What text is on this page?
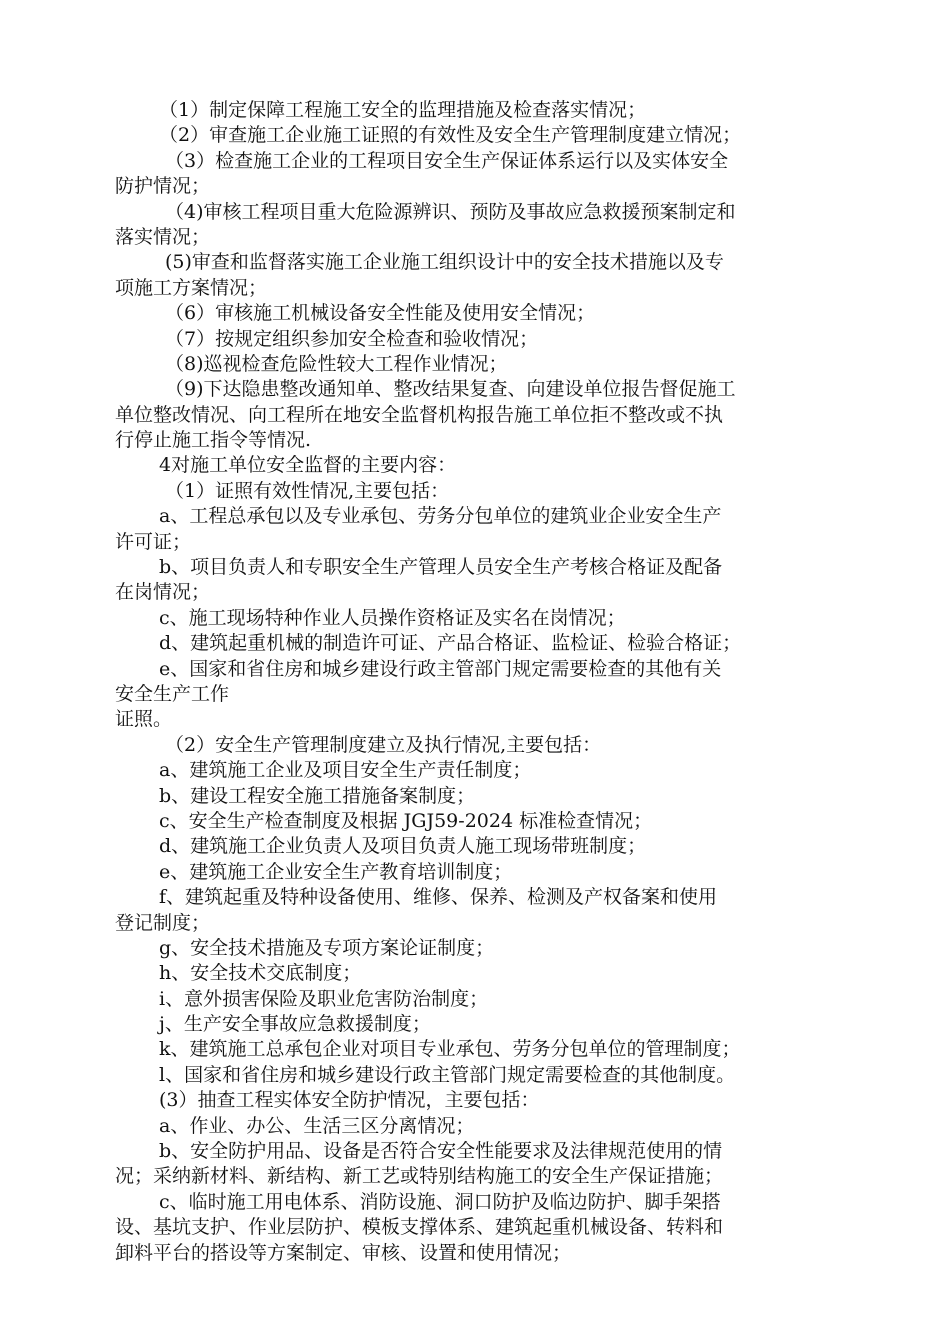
（1）制定保障工程施工安全的监理措施及检查落实情况；
（2）审查施工企业施工证照的有效性及安全生产管理制度建立情况；
（3）检查施工企业的工程项目安全生产保证体系运行以及实体安全
防护情况；
（4)审核工程项目重大危险源辨识、预防及事故应急救援预案制定和
落实情况；
(5)审查和监督落实施工企业施工组织设计中的安全技术措施以及专
项施工方案情况；
（6）审核施工机械设备安全性能及使用安全情况；
（7）按规定组织参加安全检查和验收情况；
（8)巡视检查危险性较大工程作业情况；
（9)下达隐患整改通知单、整改结果复查、向建设单位报告督促施工
单位整改情况、向工程所在地安全监督机构报告施工单位拒不整改或不执
行停止施工指令等情况.
4对施工单位安全监督的主要内容：
（1）证照有效性情况,主要包括：
a、工程总承包以及专业承包、劳务分包单位的建筑业企业安全生产
许可证；
b、项目负责人和专职安全生产管理人员安全生产考核合格证及配备
在岗情况；
c、施工现场特种作业人员操作资格证及实名在岗情况；
d、建筑起重机械的制造许可证、产品合格证、监检证、检验合格证；
e、国家和省住房和城乡建设行政主管部门规定需要检查的其他有关
安全生产工作
证照。
（2）安全生产管理制度建立及执行情况,主要包括：
a、建筑施工企业及项目安全生产责任制度；
b、建设工程安全施工措施备案制度；
c、安全生产检查制度及根据 JGJ59-2024 标准检查情况；
d、建筑施工企业负责人及项目负责人施工现场带班制度；
e、建筑施工企业安全生产教育培训制度；
f、建筑起重及特种设备使用、维修、保养、检测及产权备案和使用
登记制度；
g、安全技术措施及专项方案论证制度；
h、安全技术交底制度；
i、意外损害保险及职业危害防治制度；
j、生产安全事故应急救援制度；
k、建筑施工总承包企业对项目专业承包、劳务分包单位的管理制度；
l、国家和省住房和城乡建设行政主管部门规定需要检查的其他制度。
(3）抽查工程实体安全防护情况，主要包括：
a、作业、办公、生活三区分离情况；
b、安全防护用品、设备是否符合安全性能要求及法律规范使用的情
况；采纳新材料、新结构、新工艺或特别结构施工的安全生产保证措施；
c、临时施工用电体系、消防设施、洞口防护及临边防护、脚手架搭
设、基坑支护、作业层防护、模板支撑体系、建筑起重机械设备、转料和
卸料平台的搭设等方案制定、审核、设置和使用情况；
